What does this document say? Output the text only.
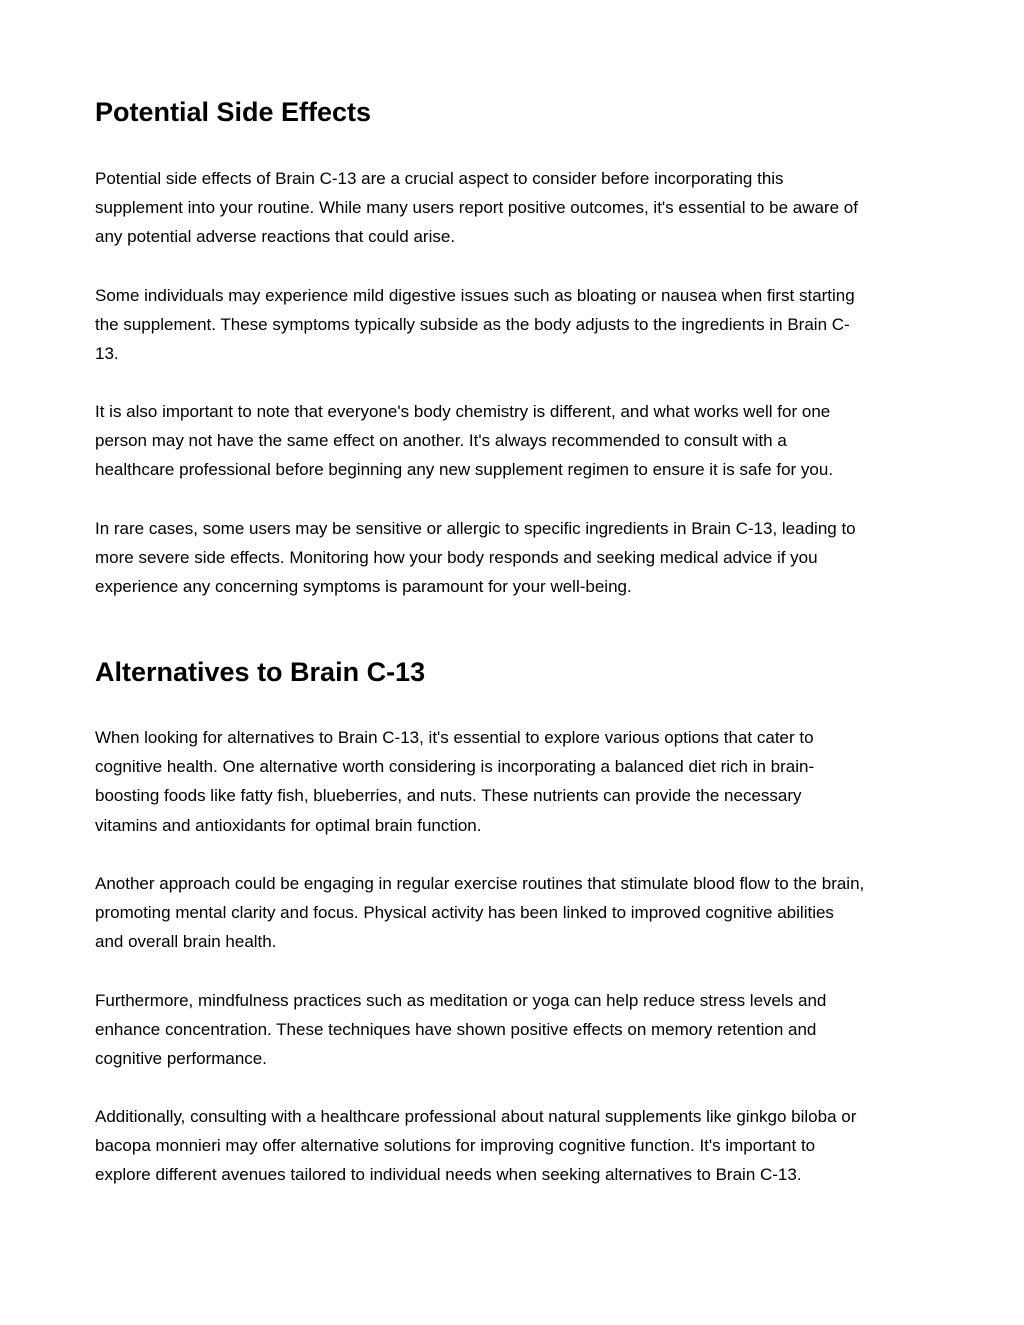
Potential Side Effects

Potential side effects of Brain C-13 are a crucial aspect to consider before incorporating this
supplement into your routine. While many users report positive outcomes, it's essential to be aware of
any potential adverse reactions that could arise.

Some individuals may experience mild digestive issues such as bloating or nausea when first starting
the supplement. These symptoms typically subside as the body adjusts to the ingredients in Brain C-
13.

It is also important to note that everyone's body chemistry is different, and what works well for one
person may not have the same effect on another. It's always recommended to consult with a
healthcare professional before beginning any new supplement regimen to ensure it is safe for you.

In rare cases, some users may be sensitive or allergic to specific ingredients in Brain C-13, leading to
more severe side effects. Monitoring how your body responds and seeking medical advice if you
experience any concerning symptoms is paramount for your well-being.

Alternatives to Brain C-13

When looking for alternatives to Brain C-13, it's essential to explore various options that cater to
cognitive health. One alternative worth considering is incorporating a balanced diet rich in brain-
boosting foods like fatty fish, blueberries, and nuts. These nutrients can provide the necessary
vitamins and antioxidants for optimal brain function.

Another approach could be engaging in regular exercise routines that stimulate blood flow to the brain,
promoting mental clarity and focus. Physical activity has been linked to improved cognitive abilities
and overall brain health.

Furthermore, mindfulness practices such as meditation or yoga can help reduce stress levels and
enhance concentration. These techniques have shown positive effects on memory retention and
cognitive performance.

Additionally, consulting with a healthcare professional about natural supplements like ginkgo biloba or
bacopa monnieri may offer alternative solutions for improving cognitive function. It's important to
explore different avenues tailored to individual needs when seeking alternatives to Brain C-13.
